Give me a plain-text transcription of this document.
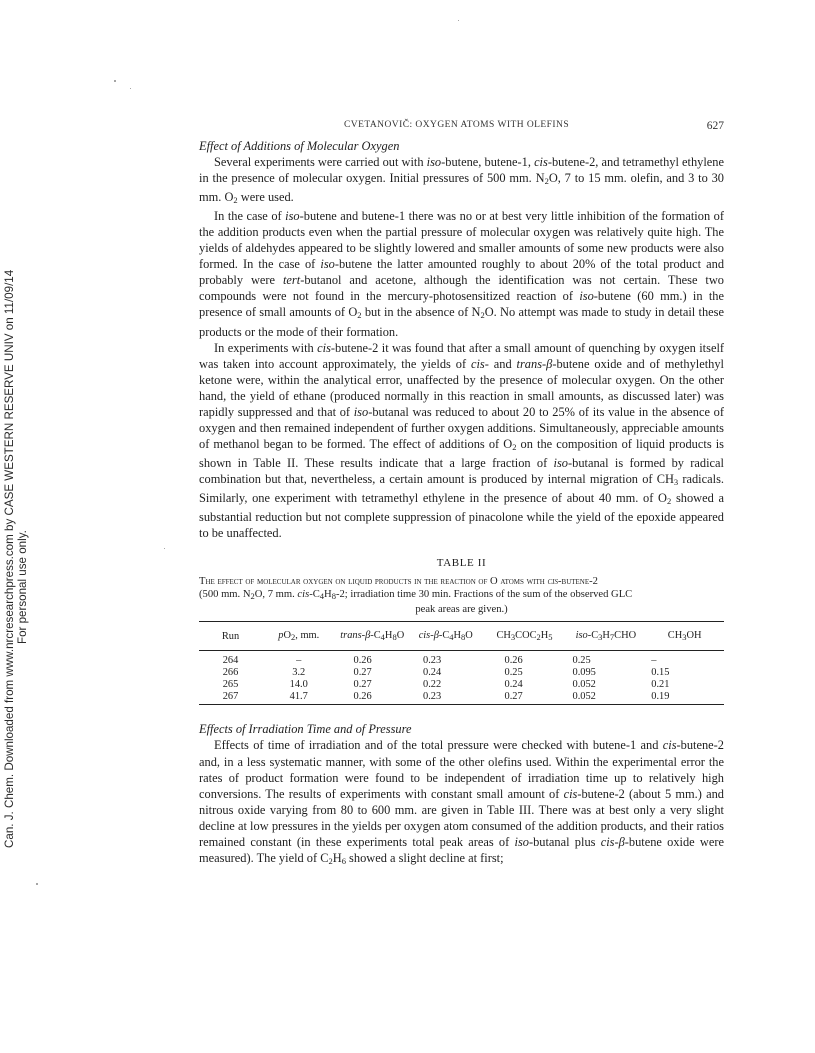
Can. J. Chem. Downloaded from www.nrcresearchpress.com by CASE WESTERN RESERVE UNIV on 11/09/14 For personal use only.
CVETANOVIČ: OXYGEN ATOMS WITH OLEFINS	627
Effect of Additions of Molecular Oxygen

Several experiments were carried out with iso-butene, butene-1, cis-butene-2, and tetramethyl ethylene in the presence of molecular oxygen. Initial pressures of 500 mm. $N_2O$, 7 to 15 mm. olefin, and 3 to 30 mm. $O_2$ were used.

In the case of iso-butene and butene-1 there was no or at best very little inhibition of the formation of the addition products even when the partial pressure of molecular oxygen was relatively quite high. The yields of aldehydes appeared to be slightly lowered and smaller amounts of some new products were also formed. In the case of iso-butene the latter amounted roughly to about 20% of the total product and probably were tert-butanol and acetone, although the identification was not certain. These two compounds were not found in the mercury-photosensitized reaction of iso-butene (60 mm.) in the presence of small amounts of $O_2$ but in the absence of $N_2O$. No attempt was made to study in detail these products or the mode of their formation.

In experiments with cis-butene-2 it was found that after a small amount of quenching by oxygen itself was taken into account approximately, the yields of cis- and trans-β-butene oxide and of methylethyl ketone were, within the analytical error, unaffected by the presence of molecular oxygen. On the other hand, the yield of ethane (produced normally in this reaction in small amounts, as discussed later) was rapidly suppressed and that of iso-butanal was reduced to about 20 to 25% of its value in the absence of oxygen and then remained independent of further oxygen additions. Simultaneously, appreciable amounts of methanol began to be formed. The effect of additions of $O_2$ on the composition of liquid products is shown in Table II. These results indicate that a large fraction of iso-butanal is formed by radical combination but that, nevertheless, a certain amount is produced by internal migration of $CH_3$ radicals. Similarly, one experiment with tetramethyl ethylene in the presence of about 40 mm. of $O_2$ showed a substantial reduction but not complete suppression of pinacolone while the yield of the epoxide appeared to be unaffected.

TABLE II
The effect of molecular oxygen on liquid products in the reaction of O atoms with cis-butene-2
(500 mm. $N_2O$, 7 mm. cis-$C_4H_8-2$; irradiation time 30 min. Fractions of the sum of the observed GLC
peak areas are given.)
Run	$pO_2$, mm.	trans-$\beta-C_4H_8O$	cis-$\beta-C_4H_8O$	$CH_3COC_2H_5$	iso-$C_3H_7CHO$	$CH_3OH$
264	–	0.26	0.23	0.26	0.25	–
266	3.2	0.27	0.24	0.25	0.095	0.15
265	14.0	0.27	0.22	0.24	0.052	0.21
267	41.7	0.26	0.23	0.27	0.052	0.19
Effects of Irradiation Time and of Pressure

Effects of time of irradiation and of the total pressure were checked with butene-1 and cis-butene-2 and, in a less systematic manner, with some of the other olefins used. Within the experimental error the rates of product formation were found to be independent of irradiation time up to relatively high conversions. The results of experiments with constant small amount of cis-butene-2 (about 5 mm.) and nitrous oxide varying from 80 to 600 mm. are given in Table III. There was at best only a very slight decline at low pressures in the yields per oxygen atom consumed of the addition products, and their ratios remained constant (in these experiments total peak areas of iso-butanal plus cis-β-butene oxide were measured). The yield of $C_2H_6$ showed a slight decline at first;
